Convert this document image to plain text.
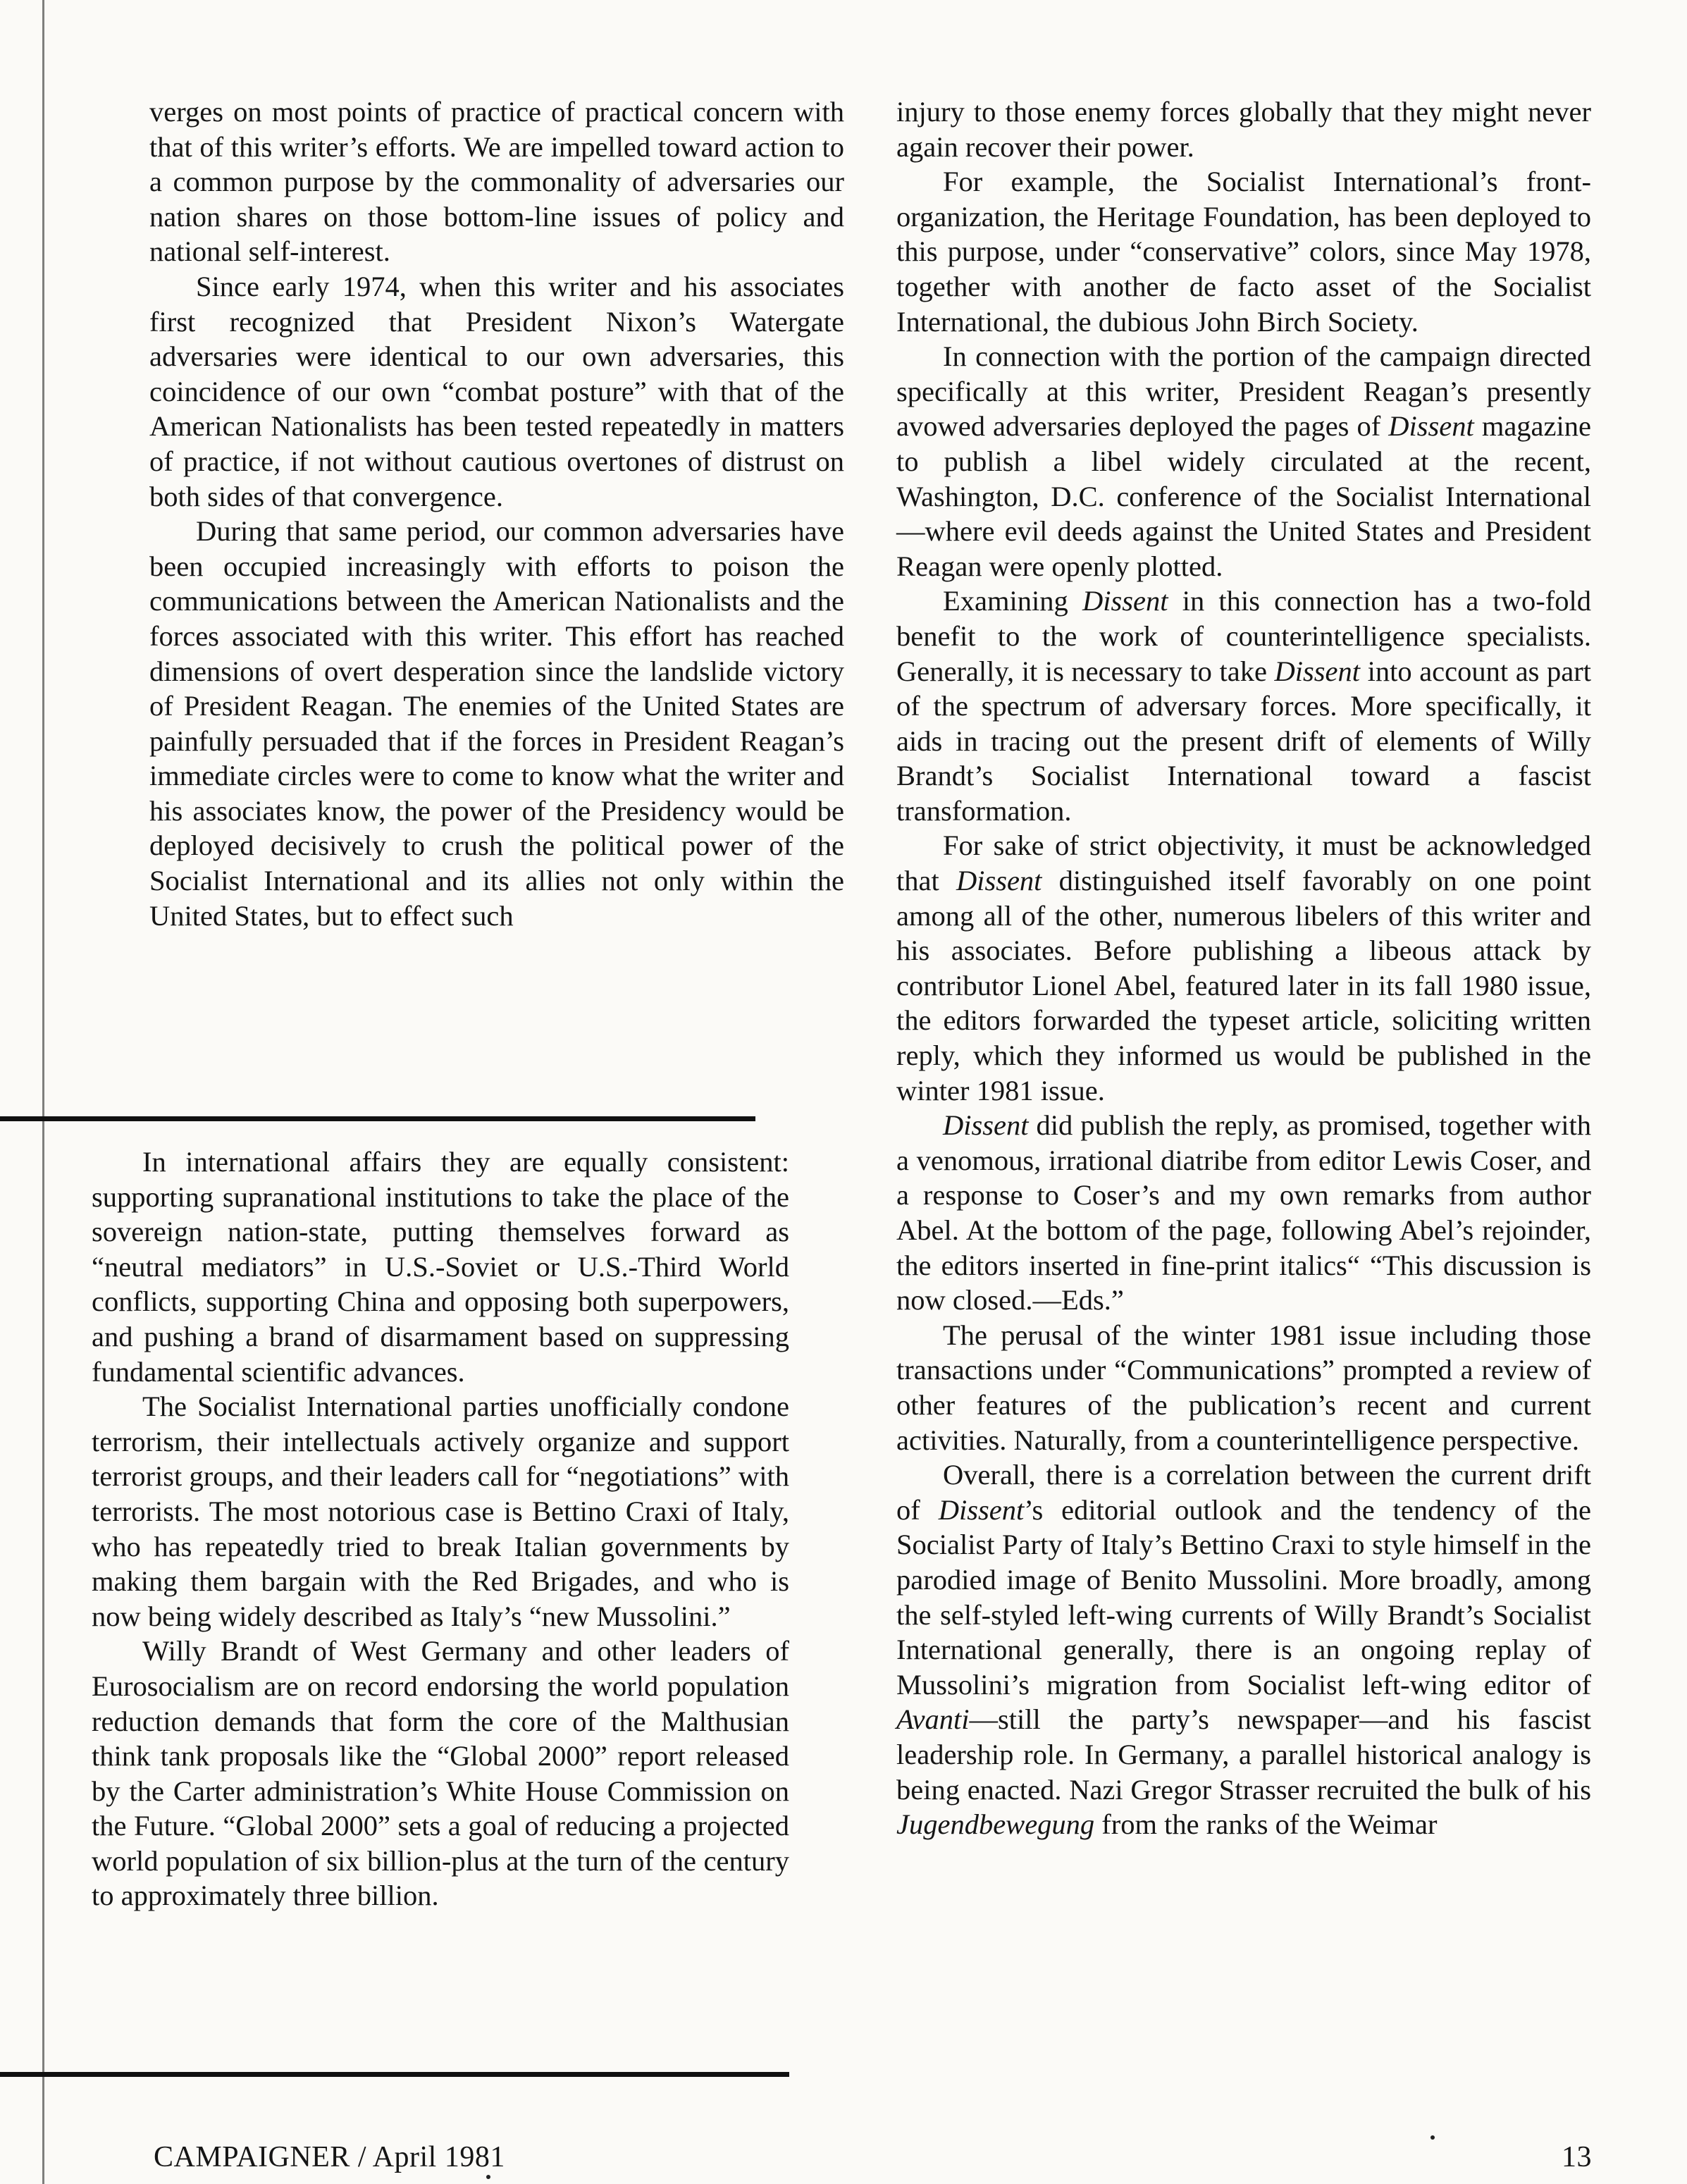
verges on most points of practice of practical concern with that of this writer’s efforts. We are impelled toward action to a common purpose by the commonality of adversaries our nation shares on those bottom-line issues of policy and national self-interest.

Since early 1974, when this writer and his associates first recognized that President Nixon’s Watergate adversaries were identical to our own adversaries, this coincidence of our own “combat posture” with that of the American Nationalists has been tested repeatedly in matters of practice, if not without cautious overtones of distrust on both sides of that convergence.

During that same period, our common adversaries have been occupied increasingly with efforts to poison the communications between the American Nationalists and the forces associated with this writer. This effort has reached dimensions of overt desperation since the landslide victory of President Reagan. The enemies of the United States are painfully persuaded that if the forces in President Reagan’s immediate circles were to come to know what the writer and his associates know, the power of the Presidency would be deployed decisively to crush the political power of the Socialist International and its allies not only within the United States, but to effect such

In international affairs they are equally consistent: supporting supranational institutions to take the place of the sovereign nation-state, putting themselves forward as “neutral mediators” in U.S.-Soviet or U.S.-Third World conflicts, supporting China and opposing both superpowers, and pushing a brand of disarmament based on suppressing fundamental scientific advances.

The Socialist International parties unofficially condone terrorism, their intellectuals actively organize and support terrorist groups, and their leaders call for “negotiations” with terrorists. The most notorious case is Bettino Craxi of Italy, who has repeatedly tried to break Italian governments by making them bargain with the Red Brigades, and who is now being widely described as Italy’s “new Mussolini.”

Willy Brandt of West Germany and other leaders of Eurosocialism are on record endorsing the world population reduction demands that form the core of the Malthusian think tank proposals like the “Global 2000” report released by the Carter administration’s White House Commission on the Future. “Global 2000” sets a goal of reducing a projected world population of six billion-plus at the turn of the century to approximately three billion.

injury to those enemy forces globally that they might never again recover their power.

For example, the Socialist International’s front-organization, the Heritage Foundation, has been deployed to this purpose, under “conservative” colors, since May 1978, together with another de facto asset of the Socialist International, the dubious John Birch Society.

In connection with the portion of the campaign directed specifically at this writer, President Reagan’s presently avowed adversaries deployed the pages of Dissent magazine to publish a libel widely circulated at the recent, Washington, D.C. conference of the Socialist International—where evil deeds against the United States and President Reagan were openly plotted.

Examining Dissent in this connection has a two-fold benefit to the work of counterintelligence specialists. Generally, it is necessary to take Dissent into account as part of the spectrum of adversary forces. More specifically, it aids in tracing out the present drift of elements of Willy Brandt’s Socialist International toward a fascist transformation.

For sake of strict objectivity, it must be acknowledged that Dissent distinguished itself favorably on one point among all of the other, numerous libelers of this writer and his associates. Before publishing a libeous attack by contributor Lionel Abel, featured later in its fall 1980 issue, the editors forwarded the typeset article, soliciting written reply, which they informed us would be published in the winter 1981 issue.

Dissent did publish the reply, as promised, together with a venomous, irrational diatribe from editor Lewis Coser, and a response to Coser’s and my own remarks from author Abel. At the bottom of the page, following Abel’s rejoinder, the editors inserted in fine-print italics“ “This discussion is now closed.—Eds.”

The perusal of the winter 1981 issue including those transactions under “Communications” prompted a review of other features of the publication’s recent and current activities. Naturally, from a counterintelligence perspective.

Overall, there is a correlation between the current drift of Dissent’s editorial outlook and the tendency of the Socialist Party of Italy’s Bettino Craxi to style himself in the parodied image of Benito Mussolini. More broadly, among the self-styled left-wing currents of Willy Brandt’s Socialist International generally, there is an ongoing replay of Mussolini’s migration from Socialist left-wing editor of Avanti—still the party’s newspaper—and his fascist leadership role. In Germany, a parallel historical analogy is being enacted. Nazi Gregor Strasser recruited the bulk of his Jugendbewegung from the ranks of the Weimar

CAMPAIGNER / April 1981	13
